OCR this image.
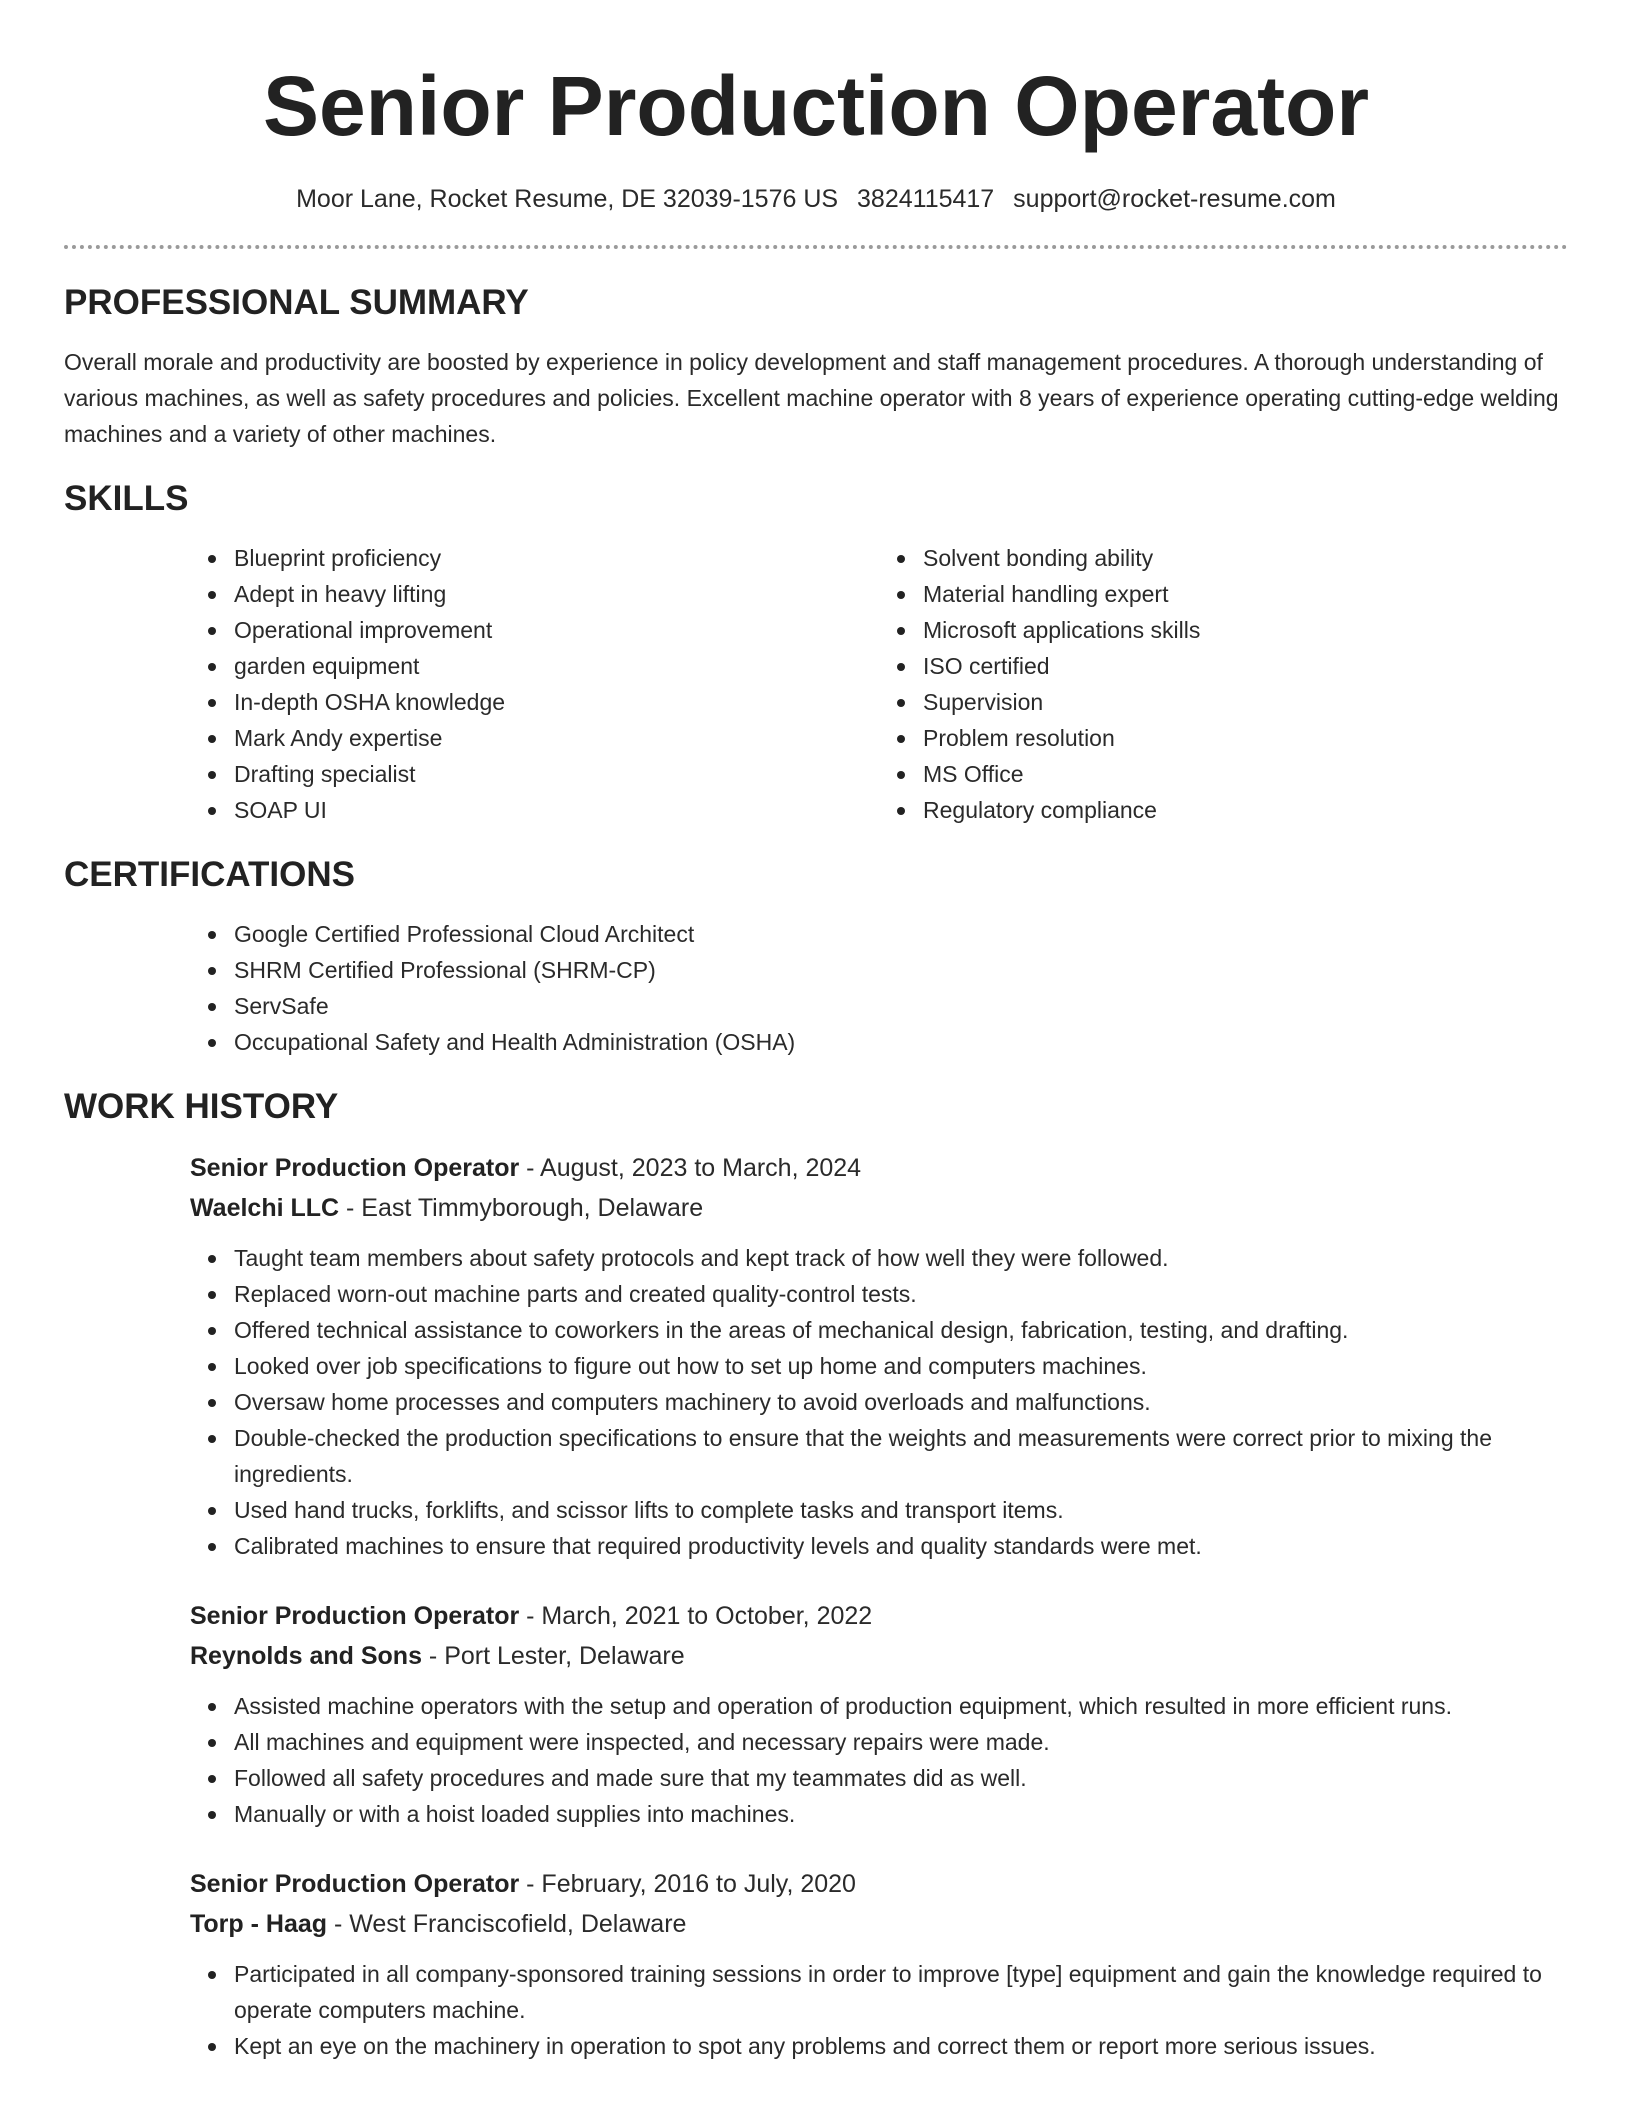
Senior Production Operator
Moor Lane, Rocket Resume, DE 32039-1576 US 3824115417 support@rocket-resume.com
PROFESSIONAL SUMMARY

Overall morale and productivity are boosted by experience in policy development and staff management procedures. A thorough understanding of various machines, as well as safety procedures and policies. Excellent machine operator with 8 years of experience operating cutting-edge welding machines and a variety of other machines.

SKILLS
Blueprint proficiency
Adept in heavy lifting
Operational improvement
garden equipment
In-depth OSHA knowledge
Mark Andy expertise
Drafting specialist
SOAP UI
Solvent bonding ability
Material handling expert
Microsoft applications skills
ISO certified
Supervision
Problem resolution
MS Office
Regulatory compliance
CERTIFICATIONS
Google Certified Professional Cloud Architect
SHRM Certified Professional (SHRM-CP)
ServSafe
Occupational Safety and Health Administration (OSHA)
WORK HISTORY

Senior Production Operator - August, 2023 to March, 2024

Waelchi LLC - East Timmyborough, Delaware

Taught team members about safety protocols and kept track of how well they were followed.
Replaced worn-out machine parts and created quality-control tests.
Offered technical assistance to coworkers in the areas of mechanical design, fabrication, testing, and drafting.
Looked over job specifications to figure out how to set up home and computers machines.
Oversaw home processes and computers machinery to avoid overloads and malfunctions.
Double-checked the production specifications to ensure that the weights and measurements were correct prior to mixing the ingredients.
Used hand trucks, forklifts, and scissor lifts to complete tasks and transport items.
Calibrated machines to ensure that required productivity levels and quality standards were met.

Senior Production Operator - March, 2021 to October, 2022

Reynolds and Sons - Port Lester, Delaware

Assisted machine operators with the setup and operation of production equipment, which resulted in more efficient runs.
All machines and equipment were inspected, and necessary repairs were made.
Followed all safety procedures and made sure that my teammates did as well.
Manually or with a hoist loaded supplies into machines.

Senior Production Operator - February, 2016 to July, 2020

Torp - Haag - West Franciscofield, Delaware

Participated in all company-sponsored training sessions in order to improve [type] equipment and gain the knowledge required to operate computers machine.
Kept an eye on the machinery in operation to spot any problems and correct them or report more serious issues.
